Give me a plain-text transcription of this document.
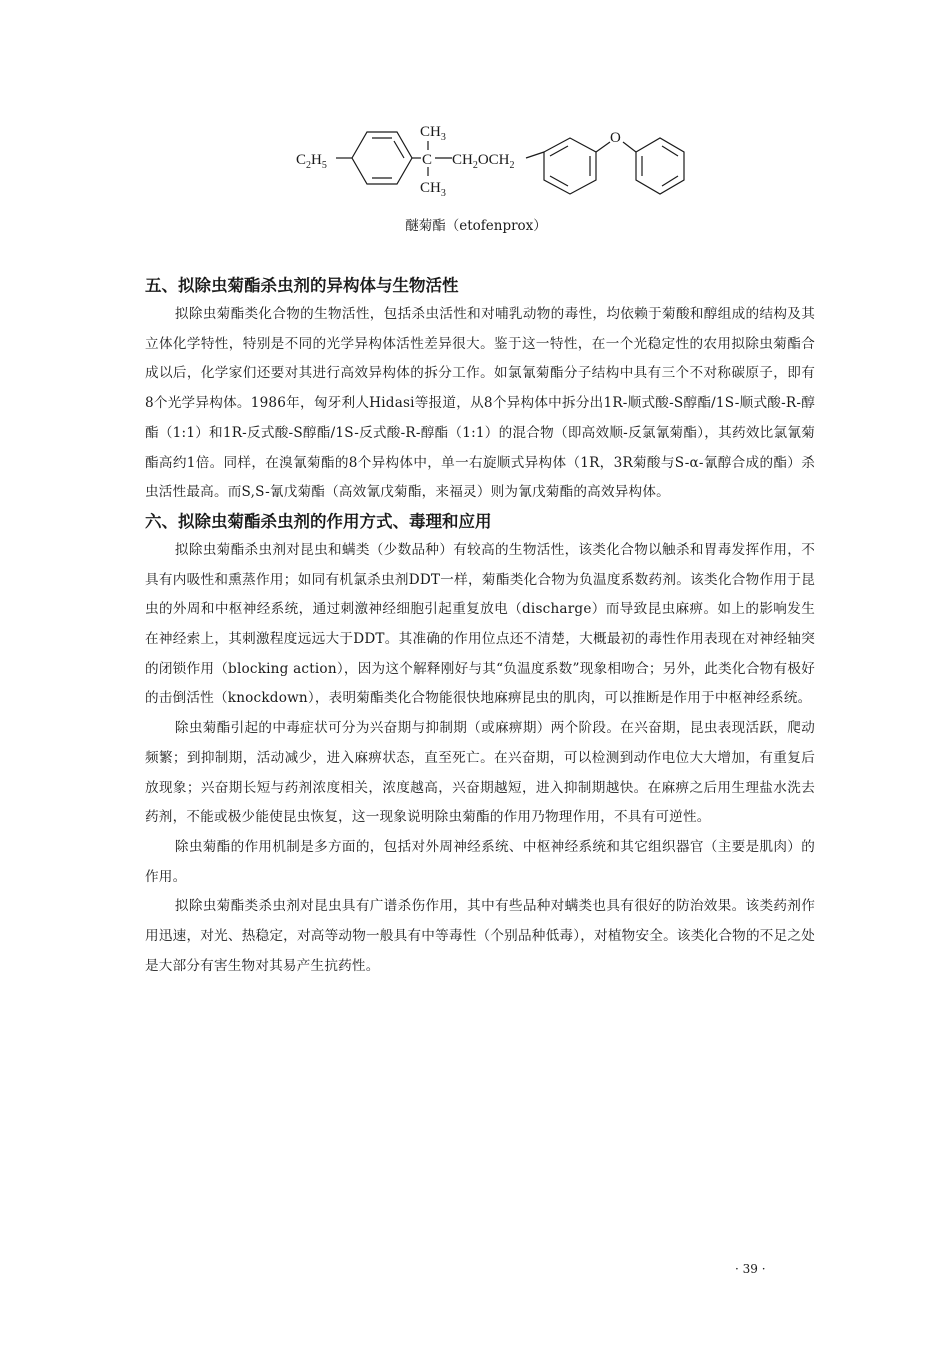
$C_2H_5$
$CH_3$
C
$CH_3$
$CH_2OCH_2$
O
醚菊酯（etofenprox）
五、拟除虫菊酯杀虫剂的异构体与生物活性

拟除虫菊酯类化合物的生物活性，包括杀虫活性和对哺乳动物的毒性，均依赖于菊酸和醇组成的结构及其立体化学特性，特别是不同的光学异构体活性差异很大。鉴于这一特性，在一个光稳定性的农用拟除虫菊酯合成以后，化学家们还要对其进行高效异构体的拆分工作。如氯氰菊酯分子结构中具有三个不对称碳原子，即有8个光学异构体。1986年，匈牙利人Hidasi等报道，从8个异构体中拆分出1R-顺式酸-S醇酯/1S-顺式酸-R-醇酯（1:1）和1R-反式酸-S醇酯/1S-反式酸-R-醇酯（1:1）的混合物（即高效顺-反氯氰菊酯），其药效比氯氰菊酯高约1倍。同样，在溴氰菊酯的8个异构体中，单一右旋顺式异构体（1R，3R菊酸与S-α-氰醇合成的酯）杀虫活性最高。而S,S-氰戊菊酯（高效氰戊菊酯，来福灵）则为氰戊菊酯的高效异构体。

六、拟除虫菊酯杀虫剂的作用方式、毒理和应用

拟除虫菊酯杀虫剂对昆虫和螨类（少数品种）有较高的生物活性，该类化合物以触杀和胃毒发挥作用，不具有内吸性和熏蒸作用；如同有机氯杀虫剂DDT一样，菊酯类化合物为负温度系数药剂。该类化合物作用于昆虫的外周和中枢神经系统，通过刺激神经细胞引起重复放电（discharge）而导致昆虫麻痹。如上的影响发生在神经索上，其刺激程度远远大于DDT。其准确的作用位点还不清楚，大概最初的毒性作用表现在对神经轴突的闭锁作用（blocking action），因为这个解释刚好与其“负温度系数”现象相吻合；另外，此类化合物有极好的击倒活性（knockdown），表明菊酯类化合物能很快地麻痹昆虫的肌肉，可以推断是作用于中枢神经系统。

除虫菊酯引起的中毒症状可分为兴奋期与抑制期（或麻痹期）两个阶段。在兴奋期，昆虫表现活跃，爬动频繁；到抑制期，活动减少，进入麻痹状态，直至死亡。在兴奋期，可以检测到动作电位大大增加，有重复后放现象；兴奋期长短与药剂浓度相关，浓度越高，兴奋期越短，进入抑制期越快。在麻痹之后用生理盐水洗去药剂，不能或极少能使昆虫恢复，这一现象说明除虫菊酯的作用乃物理作用，不具有可逆性。

除虫菊酯的作用机制是多方面的，包括对外周神经系统、中枢神经系统和其它组织器官（主要是肌肉）的作用。

拟除虫菊酯类杀虫剂对昆虫具有广谱杀伤作用，其中有些品种对螨类也具有很好的防治效果。该类药剂作用迅速，对光、热稳定，对高等动物一般具有中等毒性（个别品种低毒），对植物安全。该类化合物的不足之处是大部分有害生物对其易产生抗药性。

· 39 ·
